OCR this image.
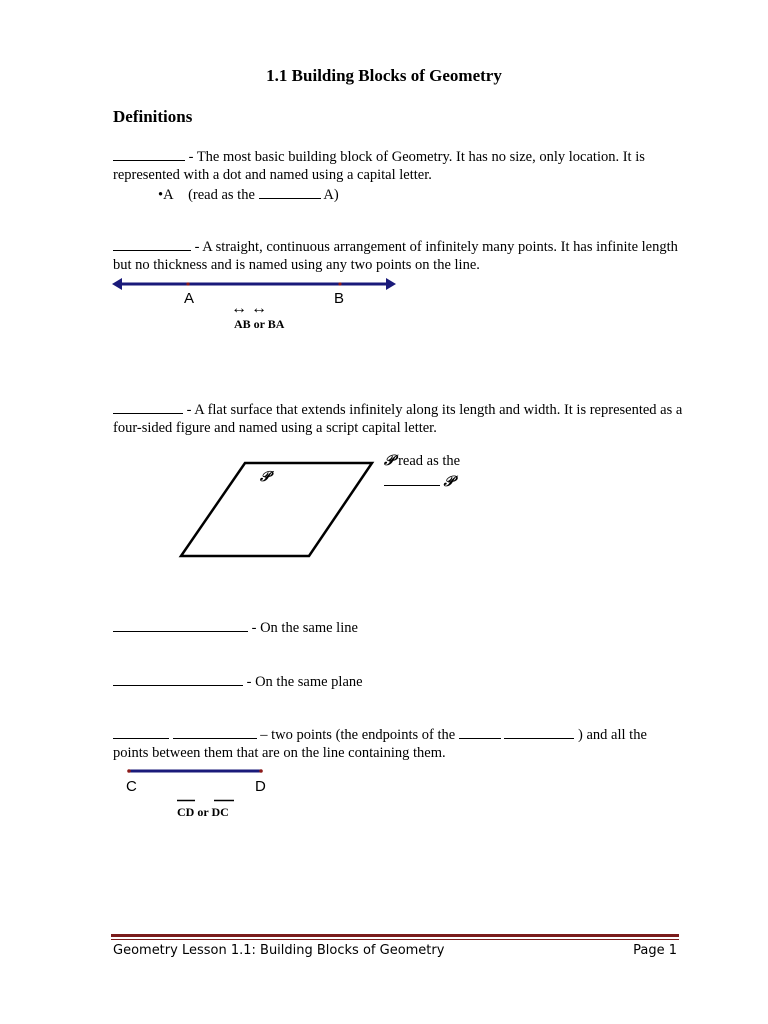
1.1 Building Blocks of Geometry
Definitions
- The most basic building block of Geometry. It has no size, only location. It is represented with a dot and named using a capital letter.
•A (read as the	A)
- A straight, continuous arrangement of infinitely many points. It has infinite length but no thickness and is named using any two points on the line.
A	B
↔ ↔
AB or BA
- A flat surface that extends infinitely along its length and width. It is represented as a four-sided figure and named using a script capital letter.
𝒫
𝒫 read as the
𝒫
- On the same line
- On the same plane
– two points (the endpoints of the	) and all the points between them that are on the line containing them.
C	D
CD or DC
Geometry Lesson 1.1: Building Blocks of Geometry	Page 1
